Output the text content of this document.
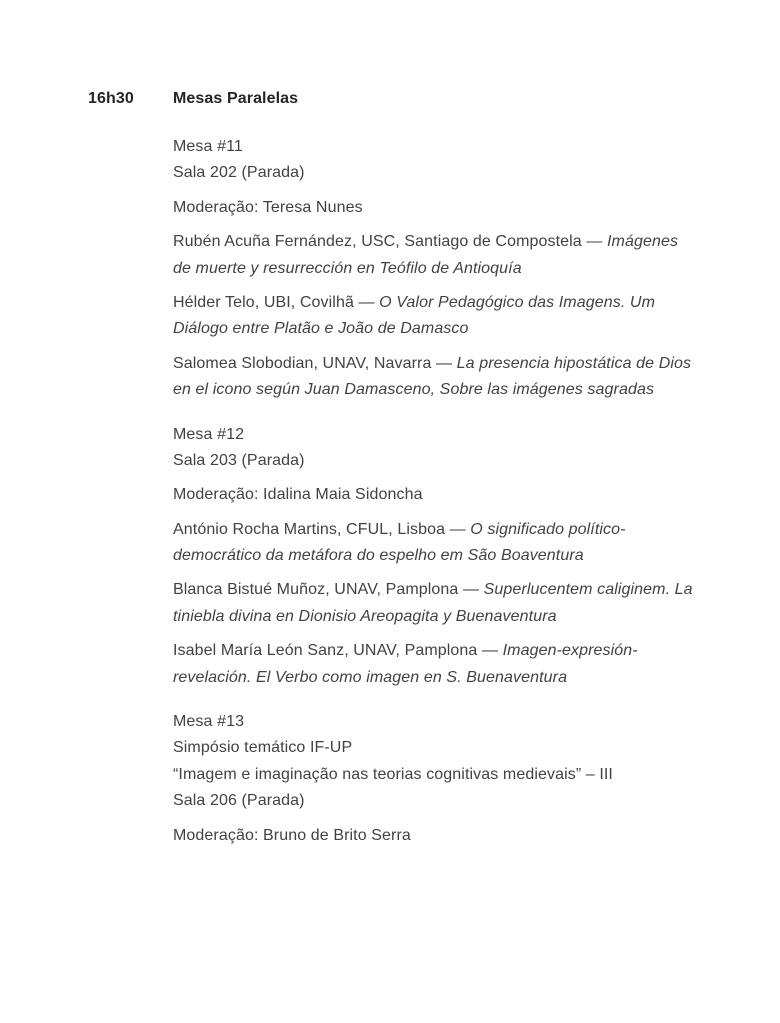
16h30	Mesas Paralelas
Mesa #11
Sala 202 (Parada)

Moderação: Teresa Nunes

Rubén Acuña Fernández, USC, Santiago de Compostela — Imágenes de muerte y resurrección en Teófilo de Antioquía

Hélder Telo, UBI, Covilhã — O Valor Pedagógico das Imagens. Um Diálogo entre Platão e João de Damasco

Salomea Slobodian, UNAV, Navarra — La presencia hipostática de Dios en el icono según Juan Damasceno, Sobre las imágenes sagradas

Mesa #12
Sala 203 (Parada)

Moderação: Idalina Maia Sidoncha

António Rocha Martins, CFUL, Lisboa — O significado político-democrático da metáfora do espelho em São Boaventura

Blanca Bistué Muñoz, UNAV, Pamplona — Superlucentem caliginem. La tiniebla divina en Dionisio Areopagita y Buenaventura

Isabel María León Sanz, UNAV, Pamplona — Imagen-expresión-revelación. El Verbo como imagen en S. Buenaventura

Mesa #13
Simpósio temático IF-UP
“Imagem e imaginação nas teorias cognitivas medievais” – III
Sala 206 (Parada)

Moderação: Bruno de Brito Serra
